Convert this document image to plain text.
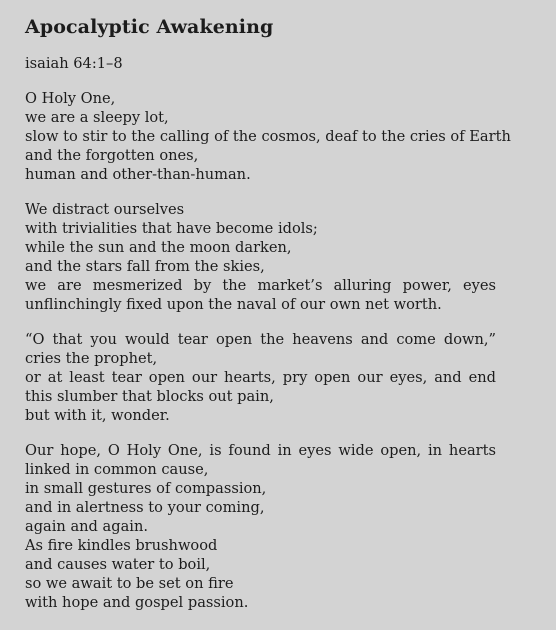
Apocalyptic Awakening

isaiah 64:1–8

O Holy One,
we are a sleepy lot,
slow to stir to the calling of the cosmos, deaf to the cries of Earth
and the forgotten ones,
human and other-than-human.
We distract ourselves
with trivialities that have become idols;
while the sun and the moon darken,
and the stars fall from the skies,
we are mesmerized by the market’s alluring power, eyes unflinchingly fixed upon the naval of our own net worth.
“O that you would tear open the heavens and come down,” cries the prophet,
or at least tear open our hearts, pry open our eyes, and end this slumber that blocks out pain,
but with it, wonder.
Our hope, O Holy One, is found in eyes wide open, in hearts linked in common cause,
in small gestures of compassion,
and in alertness to your coming,
again and again.
As fire kindles brushwood
and causes water to boil,
so we await to be set on fire
with hope and gospel passion.
